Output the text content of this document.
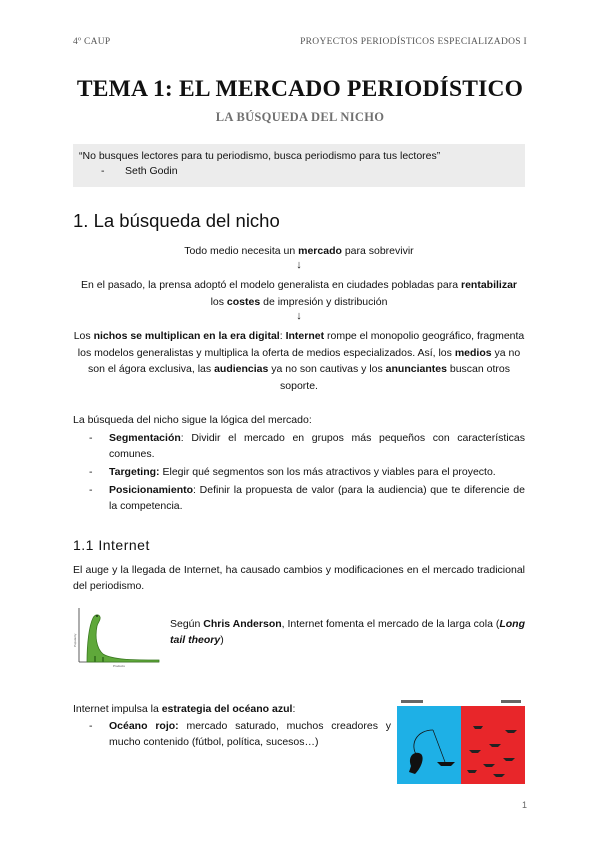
4º CAUP	PROYECTOS PERIODÍSTICOS ESPECIALIZADOS I
TEMA 1: EL MERCADO PERIODÍSTICO
LA BÚSQUEDA DEL NICHO
“No busques lectores para tu periodismo, busca periodismo para tus lectores”
- Seth Godin
1. La búsqueda del nicho
Todo medio necesita un mercado para sobrevivir
↓
En el pasado, la prensa adoptó el modelo generalista en ciudades pobladas para rentabilizar los costes de impresión y distribución
↓
Los nichos se multiplican en la era digital: Internet rompe el monopolio geográfico, fragmenta los modelos generalistas y multiplica la oferta de medios especializados. Así, los medios ya no son el ágora exclusiva, las audiencias ya no son cautivas y los anunciantes buscan otros soporte.
La búsqueda del nicho sigue la lógica del mercado:
- Segmentación: Dividir el mercado en grupos más pequeños con características comunes.
- Targeting: Elegir qué segmentos son los más atractivos y viables para el proyecto.
- Posicionamiento: Definir la propuesta de valor (para la audiencia) que te diferencie de la competencia.
1.1 Internet
El auge y la llegada de Internet, ha causado cambios y modificaciones en el mercado tradicional del periodismo.
Popularity
Products
Según Chris Anderson, Internet fomenta el mercado de la larga cola (Long tail theory)
Internet impulsa la estrategia del océano azul:
- Océano rojo: mercado saturado, muchos creadores y mucho contenido (fútbol, política, sucesos…)
1
